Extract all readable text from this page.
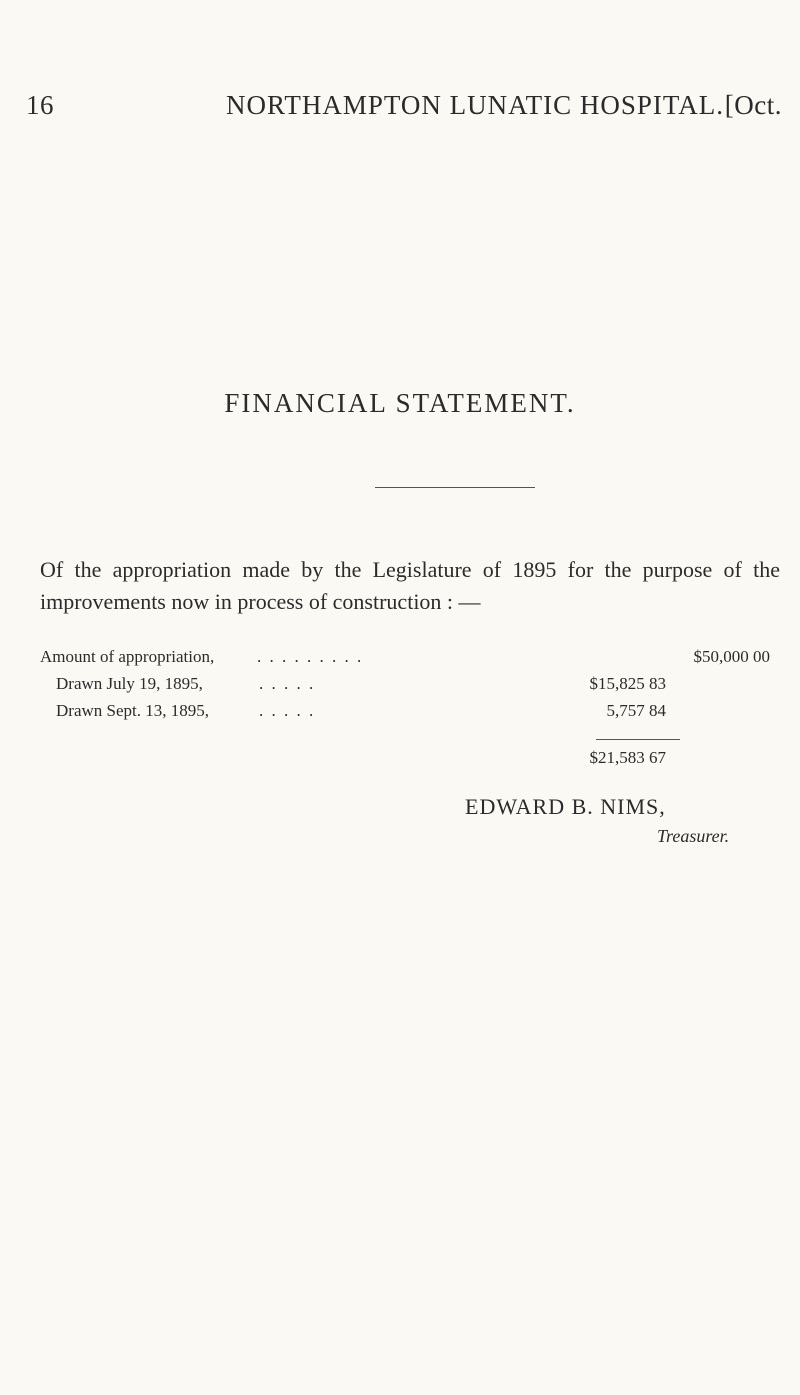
16	NORTHAMPTON LUNATIC HOSPITAL. [Oct.
FINANCIAL STATEMENT.

Of the appropriation made by the Legislature of 1895 for the purpose of the improvements now in process of construction : —

Amount of appropriation,	. . . . . . . . .	$50,000 00
Drawn July 19, 1895,	. . . . .	$15,825 83
Drawn Sept. 13, 1895,	. . . . .	5,757 84
$21,583 67
EDWARD B. NIMS,
Treasurer.
